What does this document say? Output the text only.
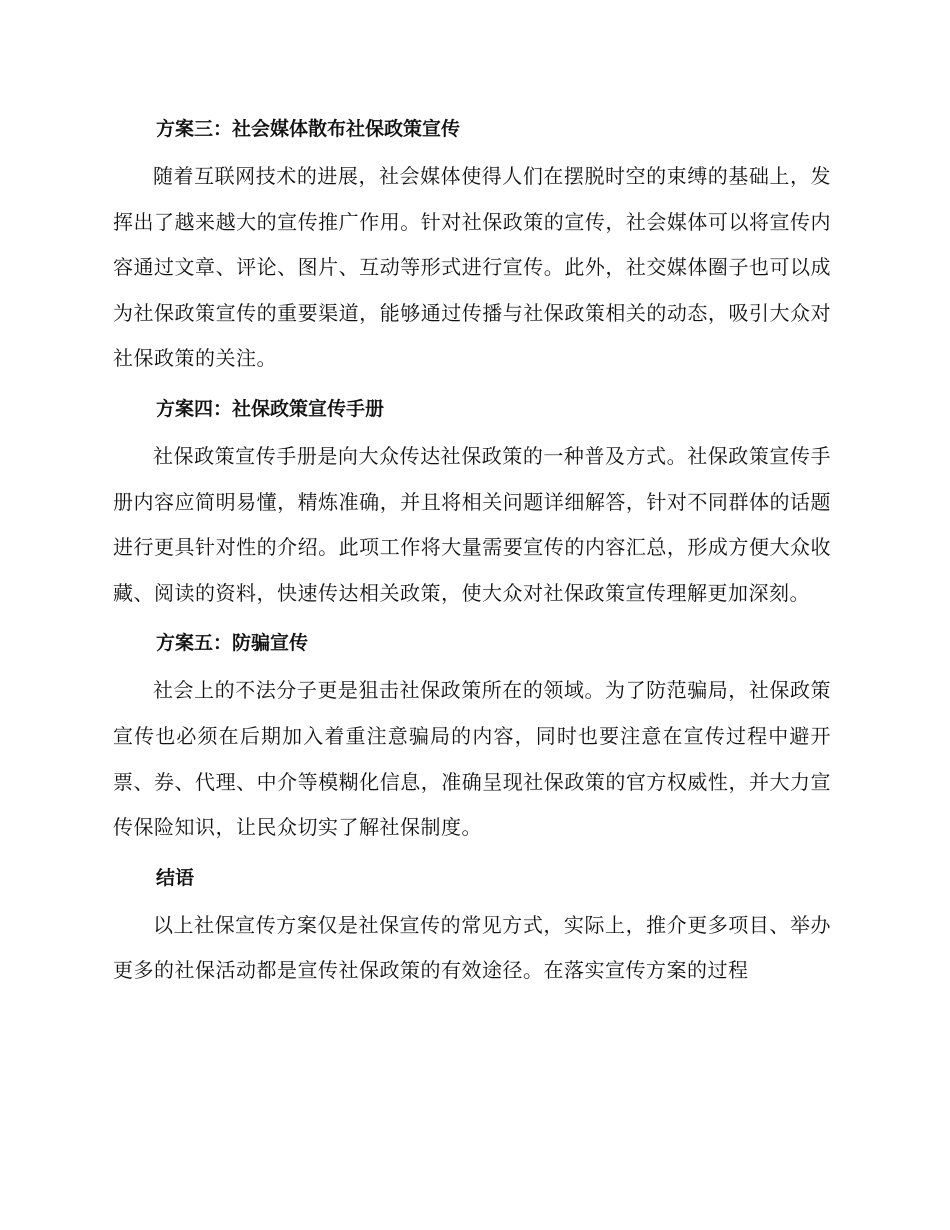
方案三：社会媒体散布社保政策宣传

随着互联网技术的进展，社会媒体使得人们在摆脱时空的束缚的基础上，发挥出了越来越大的宣传推广作用。针对社保政策的宣传，社会媒体可以将宣传内容通过文章、评论、图片、互动等形式进行宣传。此外，社交媒体圈子也可以成为社保政策宣传的重要渠道，能够通过传播与社保政策相关的动态，吸引大众对社保政策的关注。

方案四：社保政策宣传手册

社保政策宣传手册是向大众传达社保政策的一种普及方式。社保政策宣传手册内容应简明易懂，精炼准确，并且将相关问题详细解答，针对不同群体的话题进行更具针对性的介绍。此项工作将大量需要宣传的内容汇总，形成方便大众收藏、阅读的资料，快速传达相关政策，使大众对社保政策宣传理解更加深刻。

方案五：防骗宣传

社会上的不法分子更是狙击社保政策所在的领域。为了防范骗局，社保政策宣传也必须在后期加入着重注意骗局的内容，同时也要注意在宣传过程中避开票、券、代理、中介等模糊化信息，准确呈现社保政策的官方权威性，并大力宣传保险知识，让民众切实了解社保制度。

结语

以上社保宣传方案仅是社保宣传的常见方式，实际上，推介更多项目、举办更多的社保活动都是宣传社保政策的有效途径。在落实宣传方案的过程
